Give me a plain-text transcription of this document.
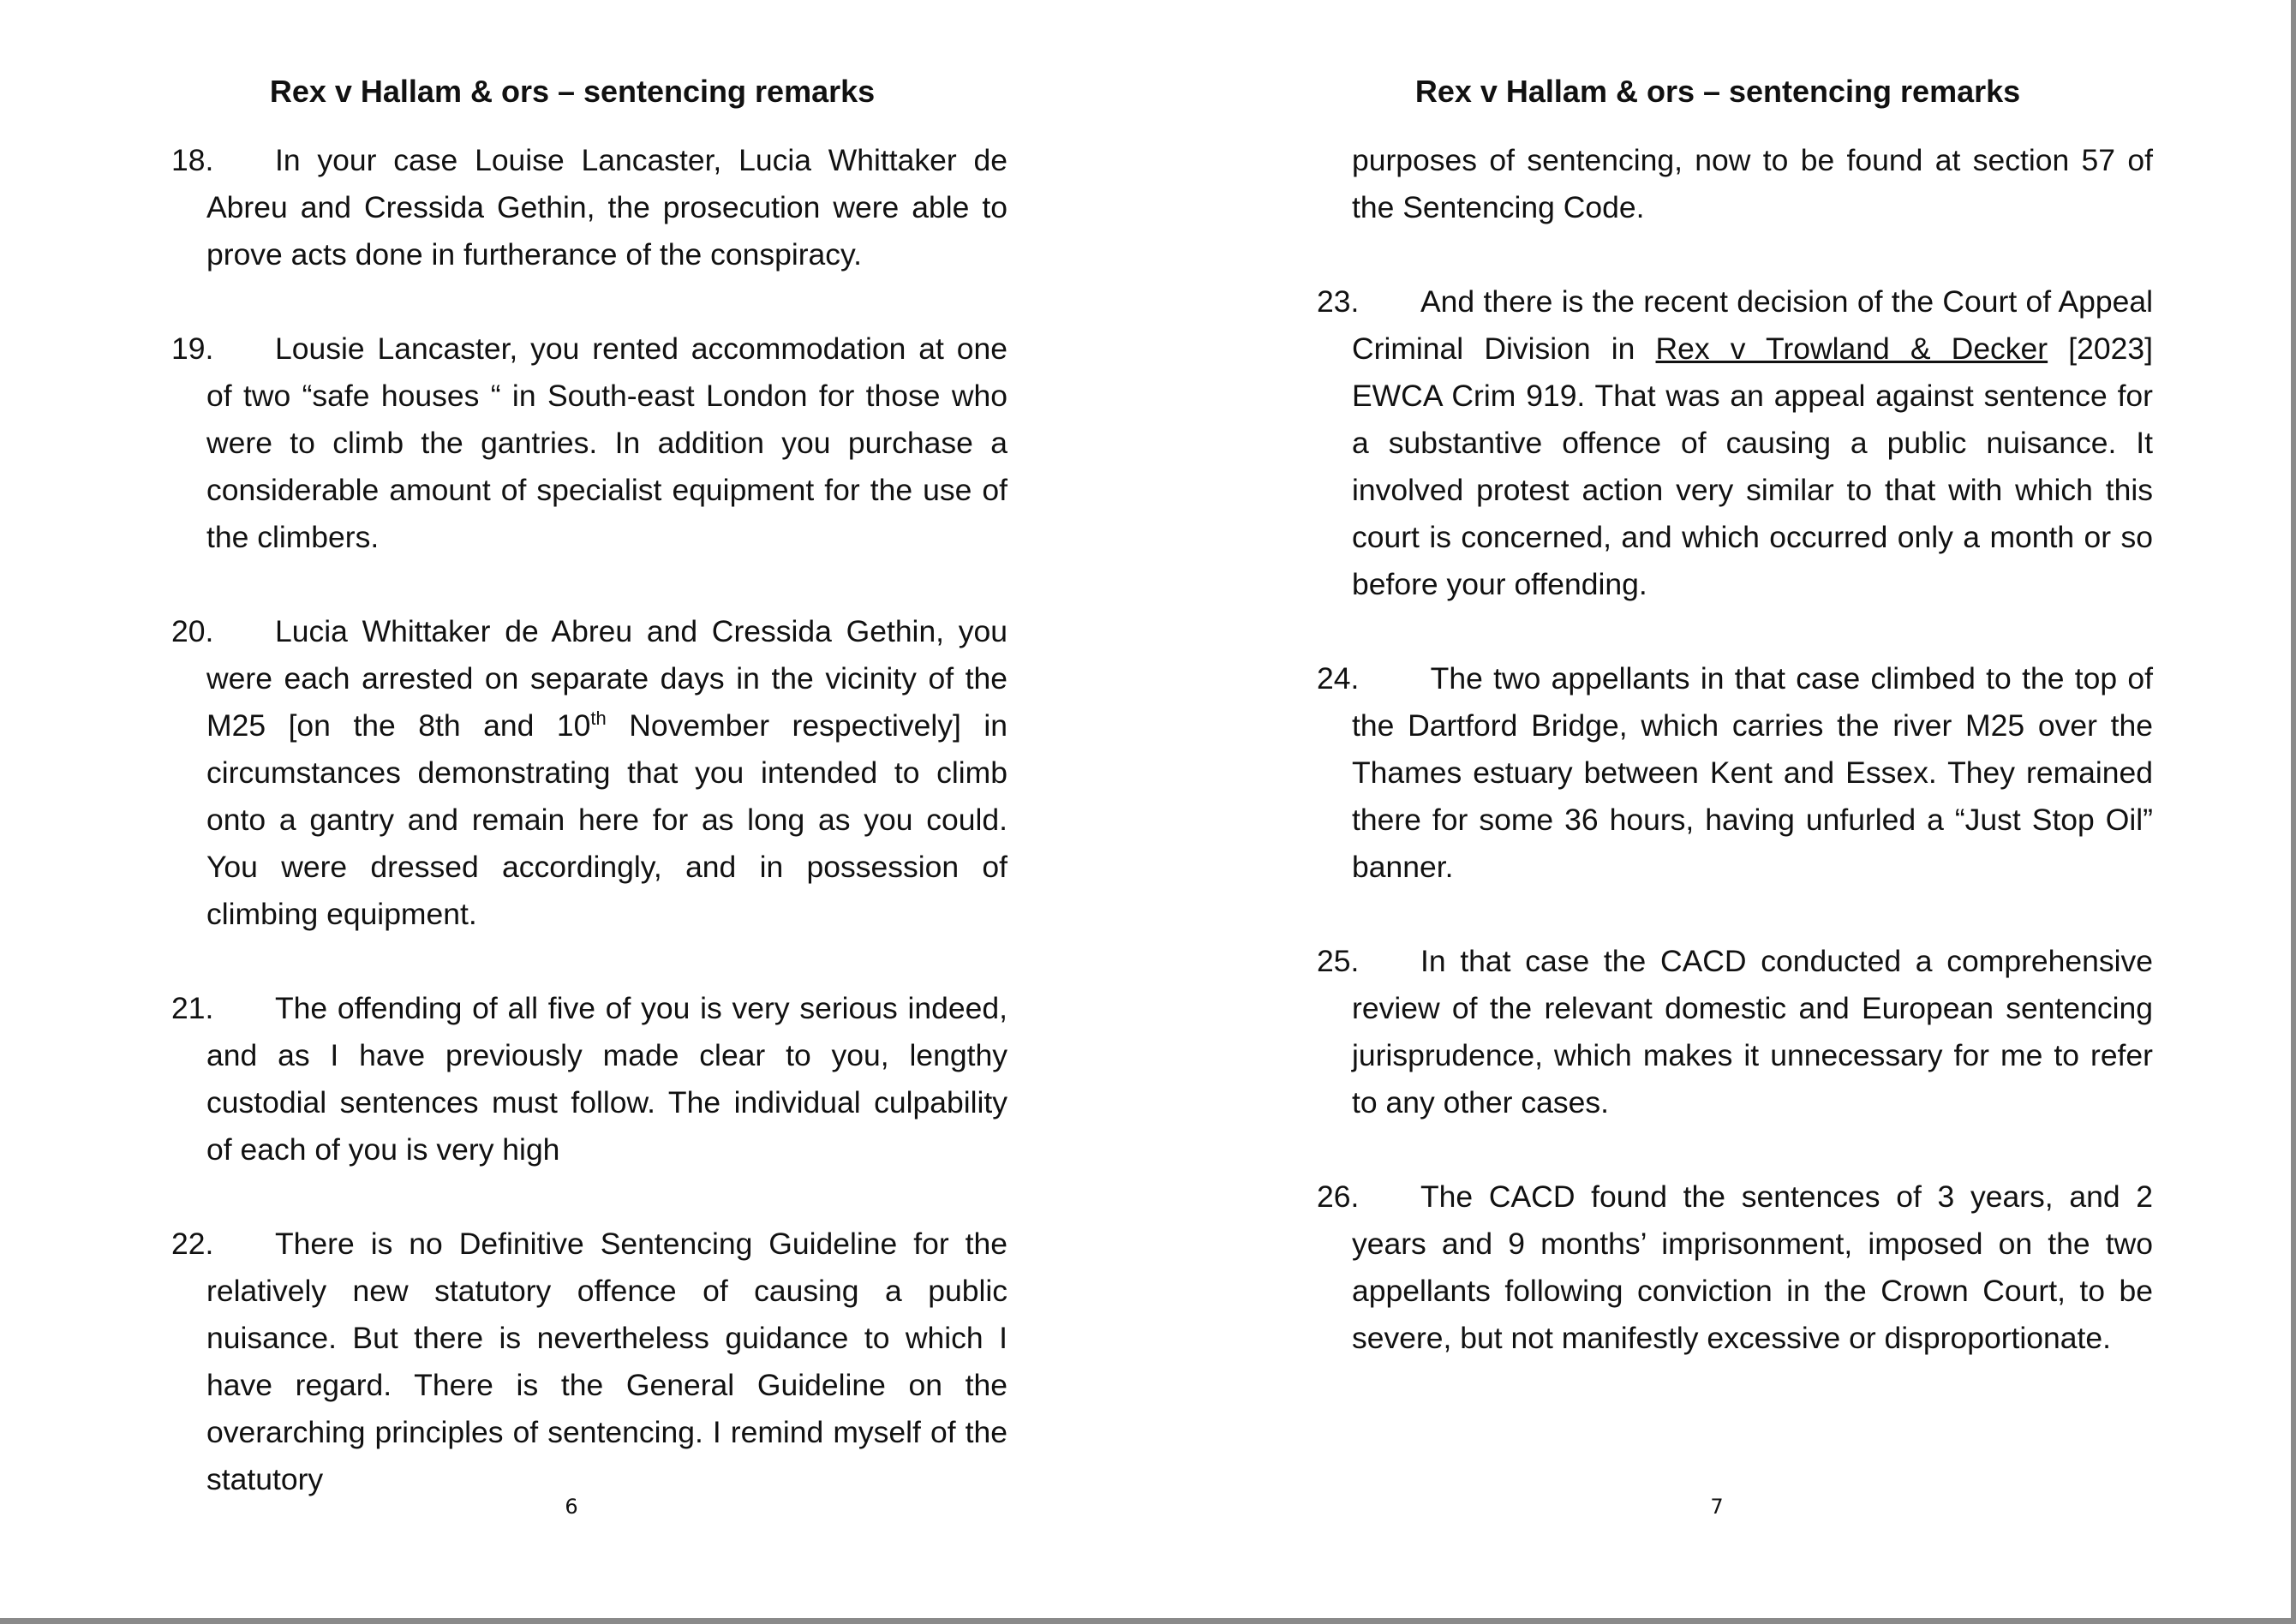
Rex v Hallam & ors – sentencing remarks

18. In your case Louise Lancaster, Lucia Whittaker de Abreu and Cressida Gethin, the prosecution were able to prove acts done in furtherance of the conspiracy.

19. Lousie Lancaster, you rented accommodation at one of two “safe houses “ in South-east London for those who were to climb the gantries. In addition you purchase a considerable amount of specialist equipment for the use of the climbers.

20. Lucia Whittaker de Abreu and Cressida Gethin, you were each arrested on separate days in the vicinity of the M25 [on the 8th and 10th November respectively] in circumstances demonstrating that you intended to climb onto a gantry and remain here for as long as you could. You were dressed accordingly, and in possession of climbing equipment.

21. The offending of all five of you is very serious indeed, and as I have previously made clear to you, lengthy custodial sentences must follow. The individual culpability of each of you is very high

22. There is no Definitive Sentencing Guideline for the relatively new statutory offence of causing a public nuisance. But there is nevertheless guidance to which I have regard. There is the General Guideline on the overarching principles of sentencing. I remind myself of the statutory

6
Rex v Hallam & ors – sentencing remarks

purposes of sentencing, now to be found at section 57 of the Sentencing Code.

23. And there is the recent decision of the Court of Appeal Criminal Division in Rex v Trowland & Decker [2023] EWCA Crim 919. That was an appeal against sentence for a substantive offence of causing a public nuisance. It involved protest action very similar to that with which this court is concerned, and which occurred only a month or so before your offending.

24. The two appellants in that case climbed to the top of the Dartford Bridge, which carries the river M25 over the Thames estuary between Kent and Essex. They remained there for some 36 hours, having unfurled a “Just Stop Oil” banner.

25. In that case the CACD conducted a comprehensive review of the relevant domestic and European sentencing jurisprudence, which makes it unnecessary for me to refer to any other cases.

26. The CACD found the sentences of 3 years, and 2 years and 9 months’ imprisonment, imposed on the two appellants following conviction in the Crown Court, to be severe, but not manifestly excessive or disproportionate.

7
